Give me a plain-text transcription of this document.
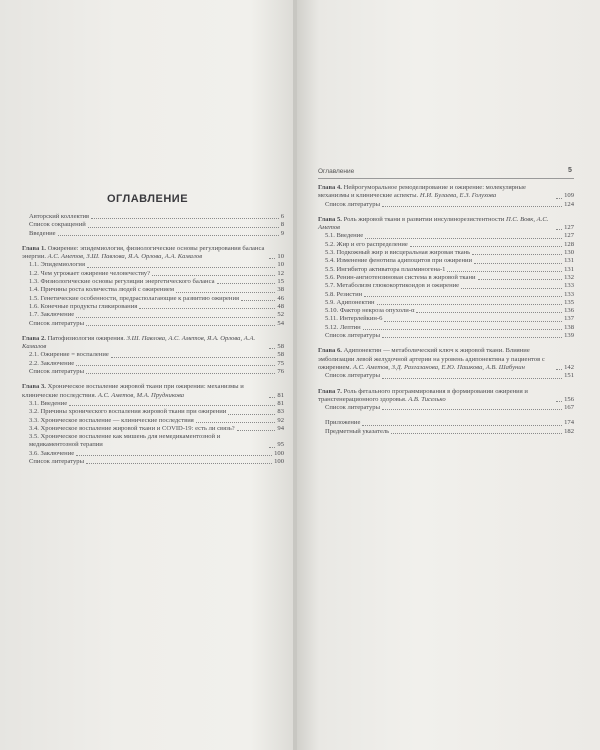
ОГЛАВЛЕНИЕ
Оглавление	5
Авторский коллектив	6
Список сокращений	8
Введение	9
Глава 1. Ожирение: эпидемиология, физиологические основы регулирования баланса энергии. А.С. Аметов, З.Ш. Павлова, Я.А. Орлова, А.А. Камалов	10
1.1. Эпидемиология	10
1.2. Чем угрожает ожирение человечеству?	12
1.3. Физиологические основы регуляции энергетического баланса	15
1.4. Причины роста количества людей с ожирением	38
1.5. Генетические особенности, предрасполагающие к развитию ожирения	46
1.6. Конечные продукты гликирования	48
1.7. Заключение	52
Список литературы	54
Глава 2. Патофизиология ожирения. З.Ш. Павлова, А.С. Аметов, Я.А. Орлова, А.А. Камалов	58
2.1. Ожирение = воспаление	58
2.2. Заключение	75
Список литературы	76
Глава 3. Хроническое воспаление жировой ткани при ожирении: механизмы и клинические последствия. А.С. Аметов, М.А. Прудникова	81
3.1. Введение	81
3.2. Причины хронического воспаления жировой ткани при ожирении	83
3.3. Хроническое воспаление — клинические последствия	92
3.4. Хроническое воспаление жировой ткани и COVID-19: есть ли связь?	94
3.5. Хроническое воспаление как мишень для немедикаментозной и медикаментозной терапии	95
3.6. Заключение	100
Список литературы	100
Глава 4. Нейрогуморальное ремоделирование и ожирение: молекулярные механизмы и клинические аспекты. Н.И. Булаева, Е.З. Голухова	109
Список литературы	124
Глава 5. Роль жировой ткани в развитии инсулинорезистентности П.С. Вовк, А.С. Аметов	127
5.1. Введение	127
5.2. Жир и его распределение	128
5.3. Подкожный жир и висцеральная жировая ткань	130
5.4. Изменение фенотипа адипоцитов при ожирении	131
5.5. Ингибитор активатора плазминогена-1	131
5.6. Ренин-ангиотензиновая система в жировой ткани	132
5.7. Метаболизм глюкокортикоидов и ожирение	133
5.8. Резистин	133
5.9. Адипонектин	135
5.10. Фактор некроза опухоли-α	136
5.11. Интерлейкин-6	137
5.12. Лептин	138
Список литературы	139
Глава 6. Адипонектин — метаболический ключ к жировой ткани. Влияние эмболизации левой желудочной артерии на уровень адипонектина у пациентов с ожирением. А.С. Аметов, З.Д. Разгазанова, Е.Ю. Пашкова, А.В. Шабунин	142
Список литературы	151
Глава 7. Роль фетального программирования в формировании ожирения и трансгенерационного здоровья. А.В. Тиселько	156
Список литературы	167
Приложение	174
Предметный указатель	182
